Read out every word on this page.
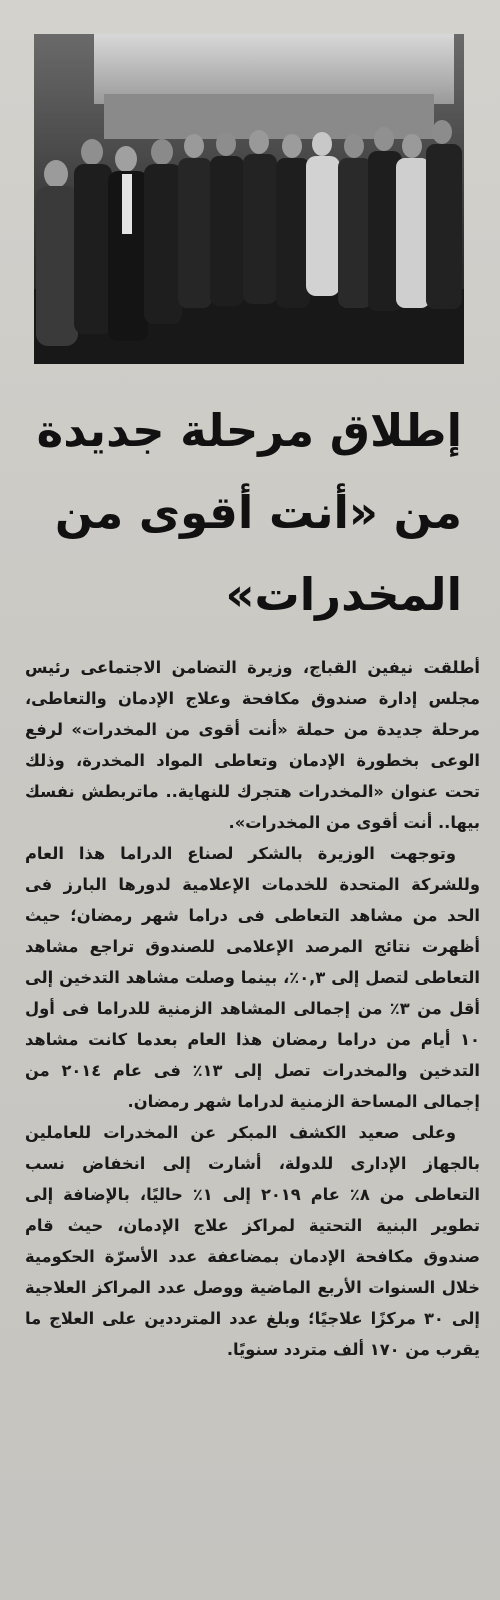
إطلاق مرحلة جديدة
من «أنت أقوى من
المخدرات»

أطلقت نيفين القباج، وزيرة التضامن الاجتماعى رئيس مجلس إدارة صندوق مكافحة وعلاج الإدمان والتعاطى، مرحلة جديدة من حملة «أنت أقوى من المخدرات» لرفع الوعى بخطورة الإدمان وتعاطى المواد المخدرة، وذلك تحت عنوان «المخدرات هتجرك للنهاية.. ماتربطش نفسك بيها.. أنت أقوى من المخدرات».

وتوجهت الوزيرة بالشكر لصناع الدراما هذا العام وللشركة المتحدة للخدمات الإعلامية لدورها البارز فى الحد من مشاهد التعاطى فى دراما شهر رمضان؛ حيث أظهرت نتائج المرصد الإعلامى للصندوق تراجع مشاهد التعاطى لتصل إلى ٠,٣٪، بينما وصلت مشاهد التدخين إلى أقل من ٣٪ من إجمالى المشاهد الزمنية للدراما فى أول ١٠ أيام من دراما رمضان هذا العام بعدما كانت مشاهد التدخين والمخدرات تصل إلى ١٣٪ فى عام ٢٠١٤ من إجمالى المساحة الزمنية لدراما شهر رمضان.

وعلى صعيد الكشف المبكر عن المخدرات للعاملين بالجهاز الإدارى للدولة، أشارت إلى انخفاض نسب التعاطى من ٨٪ عام ٢٠١٩ إلى ١٪ حاليًا، بالإضافة إلى تطوير البنية التحتية لمراكز علاج الإدمان، حيث قام صندوق مكافحة الإدمان بمضاعفة عدد الأسرّة الحكومية خلال السنوات الأربع الماضية ووصل عدد المراكز العلاجية إلى ٣٠ مركزًا علاجيًا؛ وبلغ عدد المترددين على العلاج ما يقرب من ١٧٠ ألف متردد سنويًا.
